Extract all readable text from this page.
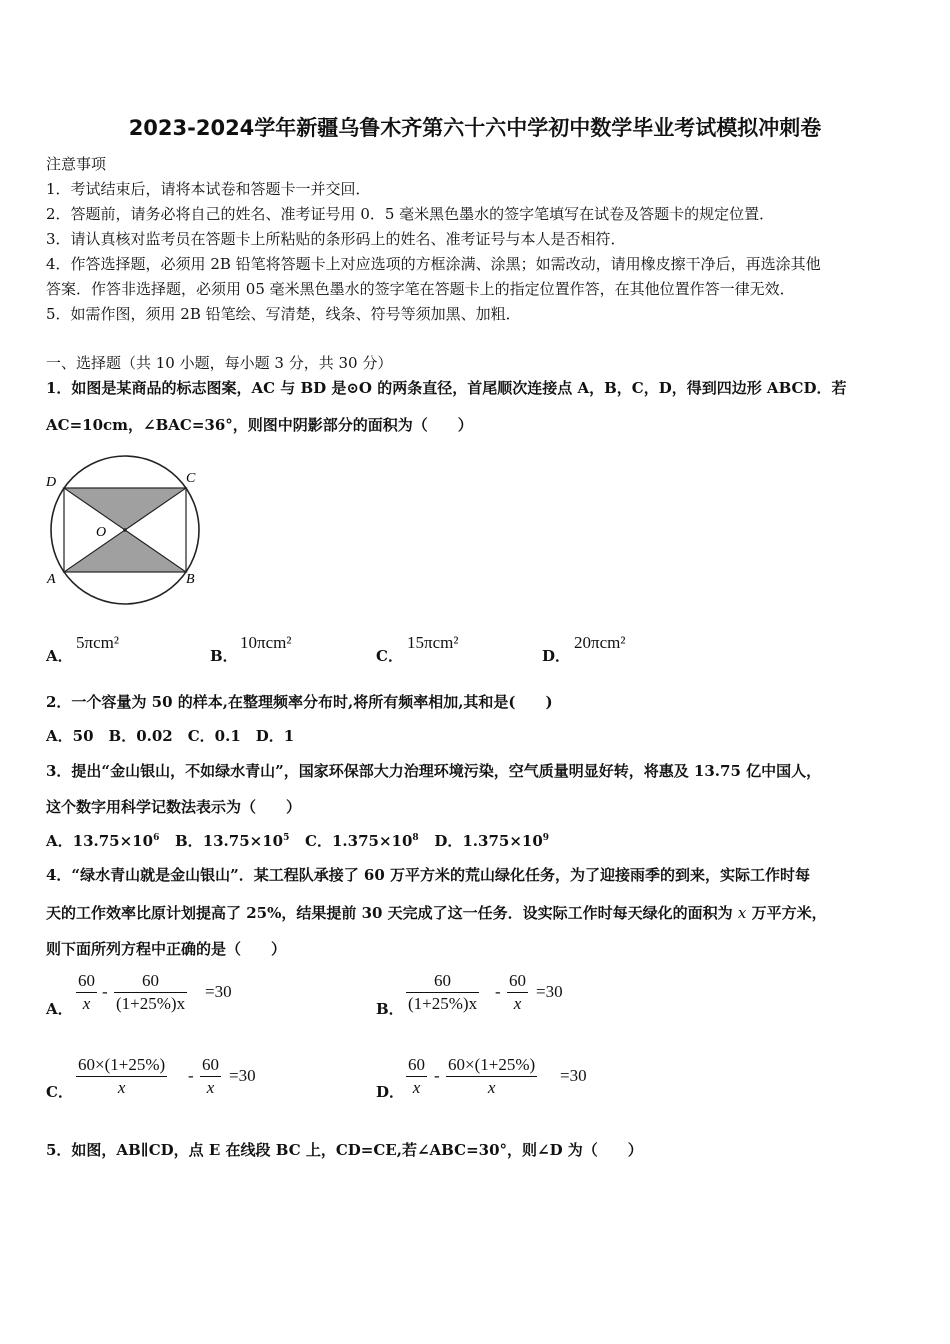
2023-2024学年新疆乌鲁木齐第六十六中学初中数学毕业考试模拟冲刺卷
注意事项
1．考试结束后，请将本试卷和答题卡一并交回．
2．答题前，请务必将自己的姓名、准考证号用 0．5 毫米黑色墨水的签字笔填写在试卷及答题卡的规定位置．
3．请认真核对监考员在答题卡上所粘贴的条形码上的姓名、准考证号与本人是否相符．
4．作答选择题，必须用 2B 铅笔将答题卡上对应选项的方框涂满、涂黑；如需改动，请用橡皮擦干净后，再选涂其他
答案．作答非选择题，必须用 05 毫米黑色墨水的签字笔在答题卡上的指定位置作答，在其他位置作答一律无效．
5．如需作图，须用 2B 铅笔绘、写清楚，线条、符号等须加黑、加粗．
一、选择题（共 10 小题，每小题 3 分，共 30 分）
1．如图是某商品的标志图案，AC 与 BD 是⊙O 的两条直径，首尾顺次连接点 A，B，C，D，得到四边形 ABCD．若
AC=10cm，∠BAC=36°，则图中阴影部分的面积为（　　）
D	C
O
A	B
A．
5πcm²
B．
10πcm²
C．
15πcm²
D．
20πcm²
2．一个容量为 50 的样本,在整理频率分布时,将所有频率相加,其和是(　　)
A．50　B．0.02　C．0.1　D．1
3．提出“金山银山，不如绿水青山”，国家环保部大力治理环境污染，空气质量明显好转，将惠及 13.75 亿中国人，
这个数字用科学记数法表示为（　　）
A．$13.75\times 10^6$ B．$13.75\times 10^5$ C．$1.375\times 10^8$ D．$1.375\times 10^9$
4．“绿水青山就是金山银山”．某工程队承接了 60 万平方米的荒山绿化任务，为了迎接雨季的到来，实际工作时每
天的工作效率比原计划提高了 25%，结果提前 30 天完成了这一任务．设实际工作时每天绿化的面积为 x 万平方米，
则下面所列方程中正确的是（　　）
A．
60
x
-
60
(1+25%)x
=30
B．
60
(1+25%)x
-
60
x
=30
C．
60×(1+25%)
x
-
60
x
=30
D．
60
x
-
60×(1+25%)
x
=30
5．如图，AB∥CD，点 E 在线段 BC 上，CD=CE,若∠ABC=30°，则∠D 为（　　）
